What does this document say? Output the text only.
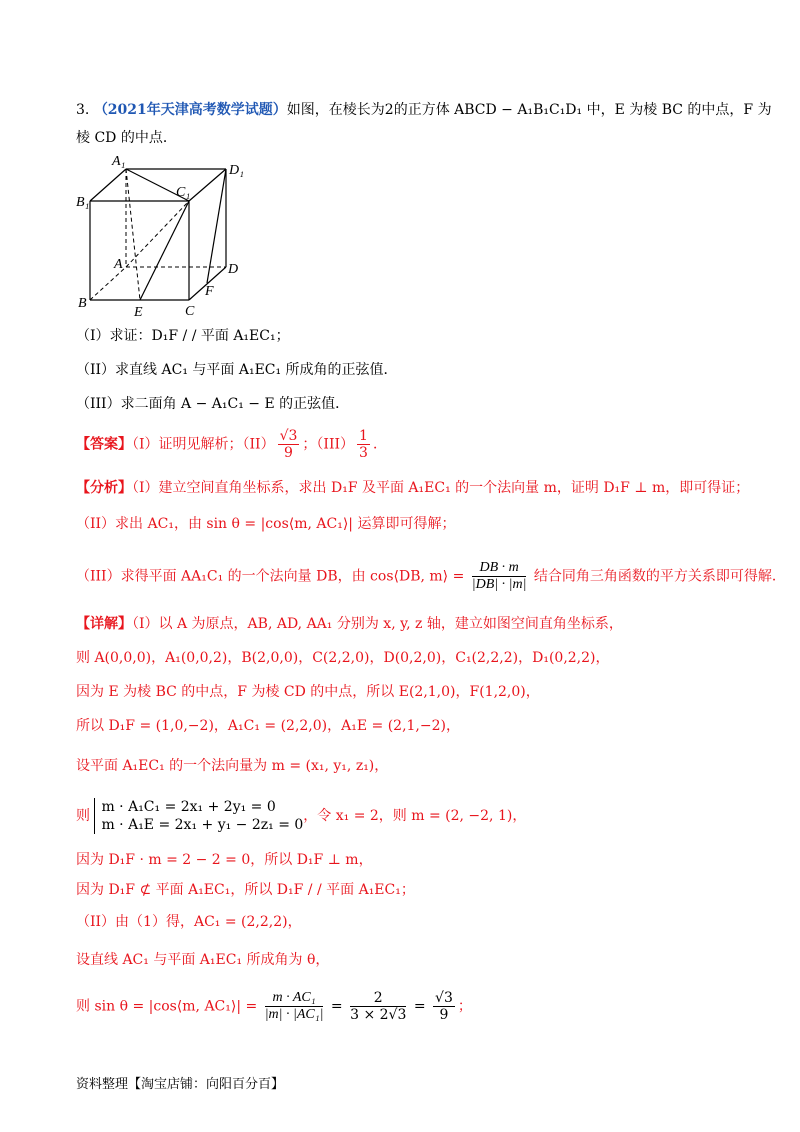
3. （2021年天津高考数学试题）如图，在棱长为2的正方体 ABCD − A₁B₁C₁D₁ 中，E 为棱 BC 的中点，F 为
棱 CD 的中点．
A₁
B₁
C₁
D₁
A
B
C
D
E
F
（I）求证：D₁F / / 平面 A₁EC₁；
（II）求直线 AC₁ 与平面 A₁EC₁ 所成角的正弦值．
（III）求二面角 A − A₁C₁ − E 的正弦值．
【答案】（I）证明见解析；$(II) \frac{√3}{9}$ ；$(III) \frac{1}{3}$ ．
【分析】（I）建立空间直角坐标系，求出 D₁F 及平面 A₁EC₁ 的一个法向量 m，证明 D₁F ⊥ m，即可得证；
（II）求出 AC₁，由 sin θ = |cos⟨m, AC₁⟩| 运算即可得解；
（III）求得平面 AA₁C₁ 的一个法向量 DB，由 cos⟨DB, m⟩ = $\frac{DB \cdot m}{|DB| \cdot |m|}$ 结合同角三角函数的平方关系即可得解．
【详解】（I）以 A 为原点，AB, AD, AA₁ 分别为 x, y, z 轴，建立如图空间直角坐标系，
则 A(0,0,0)，A₁(0,0,2)，B(2,0,0)，C(2,2,0)，D(0,2,0)，C₁(2,2,2)，D₁(0,2,2)，
因为 E 为棱 BC 的中点，F 为棱 CD 的中点，所以 E(2,1,0)，F(1,2,0)，
所以 D₁F = (1,0,−2)，A₁C₁ = (2,2,0)，A₁E = (2,1,−2)，
设平面 A₁EC₁ 的一个法向量为 m = (x₁, y₁, z₁)，
则
m · A₁C₁ = 2x₁ + 2y₁ = 0
m · A₁E = 2x₁ + y₁ − 2z₁ = 0
，令 x₁ = 2，则 m = (2, −2, 1)，
因为 D₁F · m = 2 − 2 = 0，所以 D₁F ⊥ m，
因为 D₁F ⊄ 平面 A₁EC₁，所以 D₁F / / 平面 A₁EC₁；
（II）由（1）得，AC₁ = (2,2,2)，
设直线 AC₁ 与平面 A₁EC₁ 所成角为 θ，
则 sin θ = |cos⟨m, AC₁⟩| = $\frac{\text{m · AC₁}}{\text{|m| · |AC₁|}} = \frac{2}{3 \times 2√3} = \frac{√3}{9}$ ；
资料整理【淘宝店铺：向阳百分百】
